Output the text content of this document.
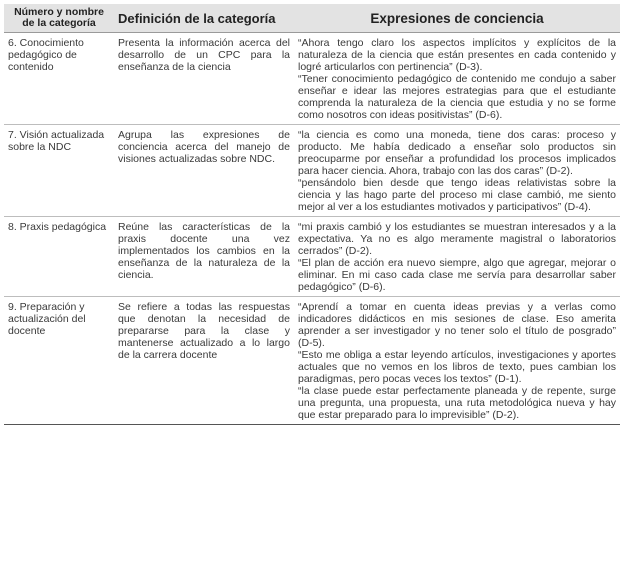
Número y nombre de la categoría	Definición de la categoría	Expresiones de conciencia
6. Conocimiento pedagógico de contenido	Presenta la información acerca del desarrollo de un CPC para la enseñanza de la ciencia	“Ahora tengo claro los aspectos implícitos y explícitos de la naturaleza de la ciencia que están presentes en cada contenido y logré articularlos con pertinencia” (D-3).
“Tener conocimiento pedagógico de contenido me condujo a saber enseñar e idear las mejores estrategias para que el estudiante comprenda la naturaleza de la ciencia que estudia y no se forme como nosotros con ideas positivistas” (D-6).

7. Visión actualizada sobre la NDC	Agrupa las expresiones de conciencia acerca del manejo de visiones actualizadas sobre NDC.	“la ciencia es como una moneda, tiene dos caras: proceso y producto. Me había dedicado a enseñar solo productos sin preocuparme por enseñar a profundidad los procesos implicados para hacer ciencia. Ahora, trabajo con las dos caras” (D-2).
“pensándolo bien desde que tengo ideas relativistas sobre la ciencia y las hago parte del proceso mi clase cambió, me siento mejor al ver a los estudiantes motivados y participativos” (D-4).

8. Praxis pedagógica	Reúne las características de la praxis docente una vez implementados los cambios en la enseñanza de la naturaleza de la ciencia.	“mi praxis cambió y los estudiantes se muestran interesados y a la expectativa. Ya no es algo meramente magistral o laboratorios cerrados” (D-2).
“El plan de acción era nuevo siempre, algo que agregar, mejorar o eliminar. En mi caso cada clase me servía para desarrollar saber pedagógico” (D-6).

9. Preparación y actualización del docente	Se refiere a todas las respuestas que denotan la necesidad de prepararse para la clase y mantenerse actualizado a lo largo de la carrera docente	“Aprendí a tomar en cuenta ideas previas y a verlas como indicadores didácticos en mis sesiones de clase. Eso amerita aprender a ser investigador y no tener solo el título de posgrado” (D-5).
“Esto me obliga a estar leyendo artículos, investigaciones y aportes actuales que no vemos en los libros de texto, pues cambian los paradigmas, pero pocas veces los textos” (D-1).
“la clase puede estar perfectamente planeada y de repente, surge una pregunta, una propuesta, una ruta metodológica nueva y hay que estar preparado para lo imprevisible” (D-2).
